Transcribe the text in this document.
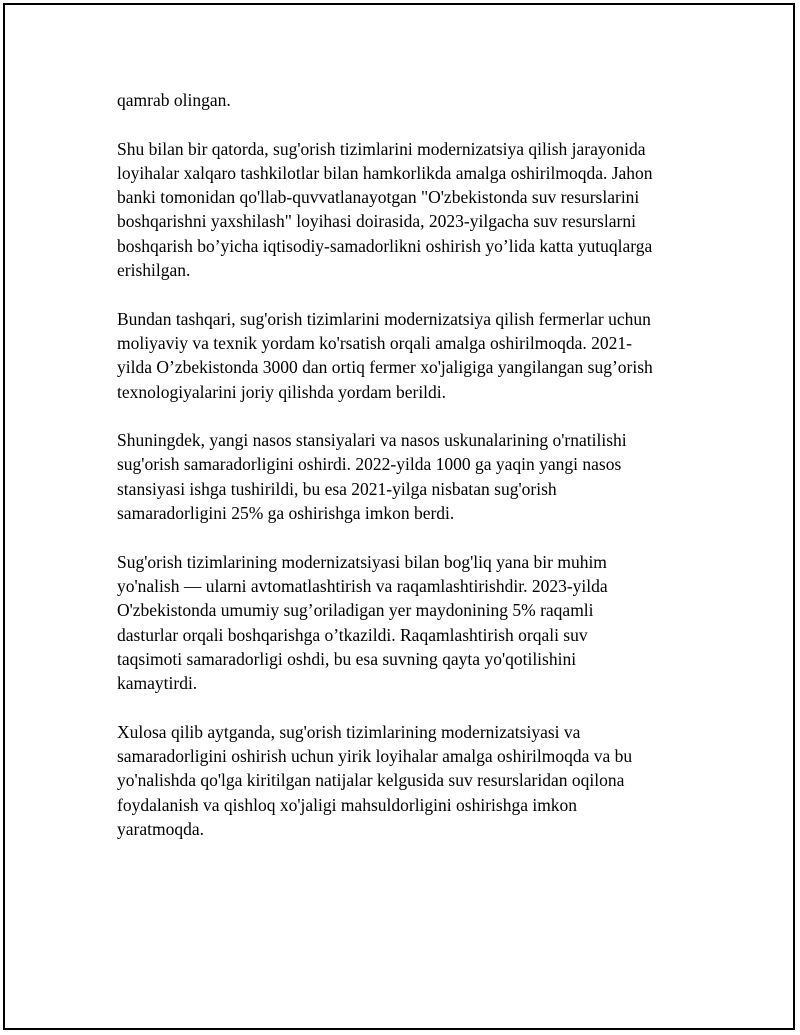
qamrab olingan.

Shu bilan bir qatorda, sug'orish tizimlarini modernizatsiya qilish jarayonida
loyihalar xalqaro tashkilotlar bilan hamkorlikda amalga oshirilmoqda. Jahon
banki tomonidan qo'llab-quvvatlanayotgan "O'zbekistonda suv resurslarini
boshqarishni yaxshilash" loyihasi doirasida, 2023-yilgacha suv resurslarni
boshqarish bo’yicha iqtisodiy-samadorlikni oshirish yo’lida katta yutuqlarga
erishilgan.

Bundan tashqari, sug'orish tizimlarini modernizatsiya qilish fermerlar uchun
moliyaviy va texnik yordam ko'rsatish orqali amalga oshirilmoqda. 2021-
yilda O’zbekistonda 3000 dan ortiq fermer xo'jaligiga yangilangan sug’orish
texnologiyalarini joriy qilishda yordam berildi.

Shuningdek, yangi nasos stansiyalari va nasos uskunalarining o'rnatilishi
sug'orish samaradorligini oshirdi. 2022-yilda 1000 ga yaqin yangi nasos
stansiyasi ishga tushirildi, bu esa 2021-yilga nisbatan sug'orish
samaradorligini 25% ga oshirishga imkon berdi.

Sug'orish tizimlarining modernizatsiyasi bilan bog'liq yana bir muhim
yo'nalish — ularni avtomatlashtirish va raqamlashtirishdir. 2023-yilda
O'zbekistonda umumiy sug’oriladigan yer maydonining 5% raqamli
dasturlar orqali boshqarishga o’tkazildi. Raqamlashtirish orqali suv
taqsimoti samaradorligi oshdi, bu esa suvning qayta yo'qotilishini
kamaytirdi.

Xulosa qilib aytganda, sug'orish tizimlarining modernizatsiyasi va
samaradorligini oshirish uchun yirik loyihalar amalga oshirilmoqda va bu
yo'nalishda qo'lga kiritilgan natijalar kelgusida suv resurslaridan oqilona
foydalanish va qishloq xo'jaligi mahsuldorligini oshirishga imkon
yaratmoqda.
